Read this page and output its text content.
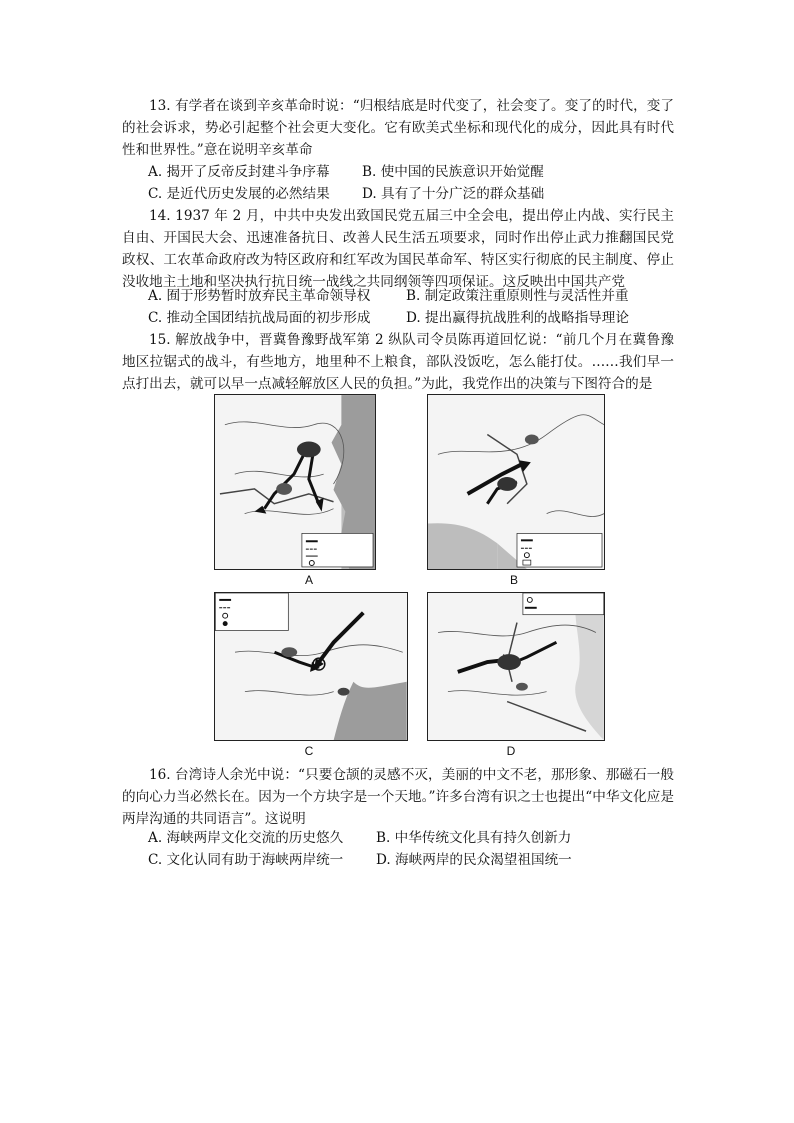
13. 有学者在谈到辛亥革命时说：“归根结底是时代变了，社会变了。变了的时代，变了的社会诉求，势必引起整个社会更大变化。它有欧美式坐标和现代化的成分，因此具有时代性和世界性。”意在说明辛亥革命

A. 揭开了反帝反封建斗争序幕 B. 使中国的民族意识开始觉醒
C. 是近代历史发展的必然结果 D. 具有了十分广泛的群众基础

14. 1937 年 2 月，中共中央发出致国民党五届三中全会电，提出停止内战、实行民主自由、开国民大会、迅速准备抗日、改善人民生活五项要求，同时作出停止武力推翻国民党政权、工农革命政府改为特区政府和红军改为国民革命军、特区实行彻底的民主制度、停止没收地主土地和坚决执行抗日统一战线之共同纲领等四项保证。这反映出中国共产党

A. 囿于形势暂时放弃民主革命领导权	B. 制定政策注重原则性与灵活性并重
C. 推动全国团结抗战局面的初步形成	D. 提出赢得抗战胜利的战略指导理论

15. 解放战争中，晋冀鲁豫野战军第 2 纵队司令员陈再道回忆说：“前几个月在冀鲁豫地区拉锯式的战斗，有些地方，地里种不上粮食，部队没饭吃，怎么能打仗。……我们早一点打出去，就可以早一点减轻解放区人民的负担。”为此，我党作出的决策与下图符合的是

A	B
C	D

16. 台湾诗人余光中说：“只要仓颉的灵感不灭，美丽的中文不老，那形象、那磁石一般的向心力当必然长在。因为一个方块字是一个天地。”许多台湾有识之士也提出“中华文化应是两岸沟通的共同语言”。这说明

A. 海峡两岸文化交流的历史悠久 B. 中华传统文化具有持久创新力
C. 文化认同有助于海峡两岸统一 D. 海峡两岸的民众渴望祖国统一
